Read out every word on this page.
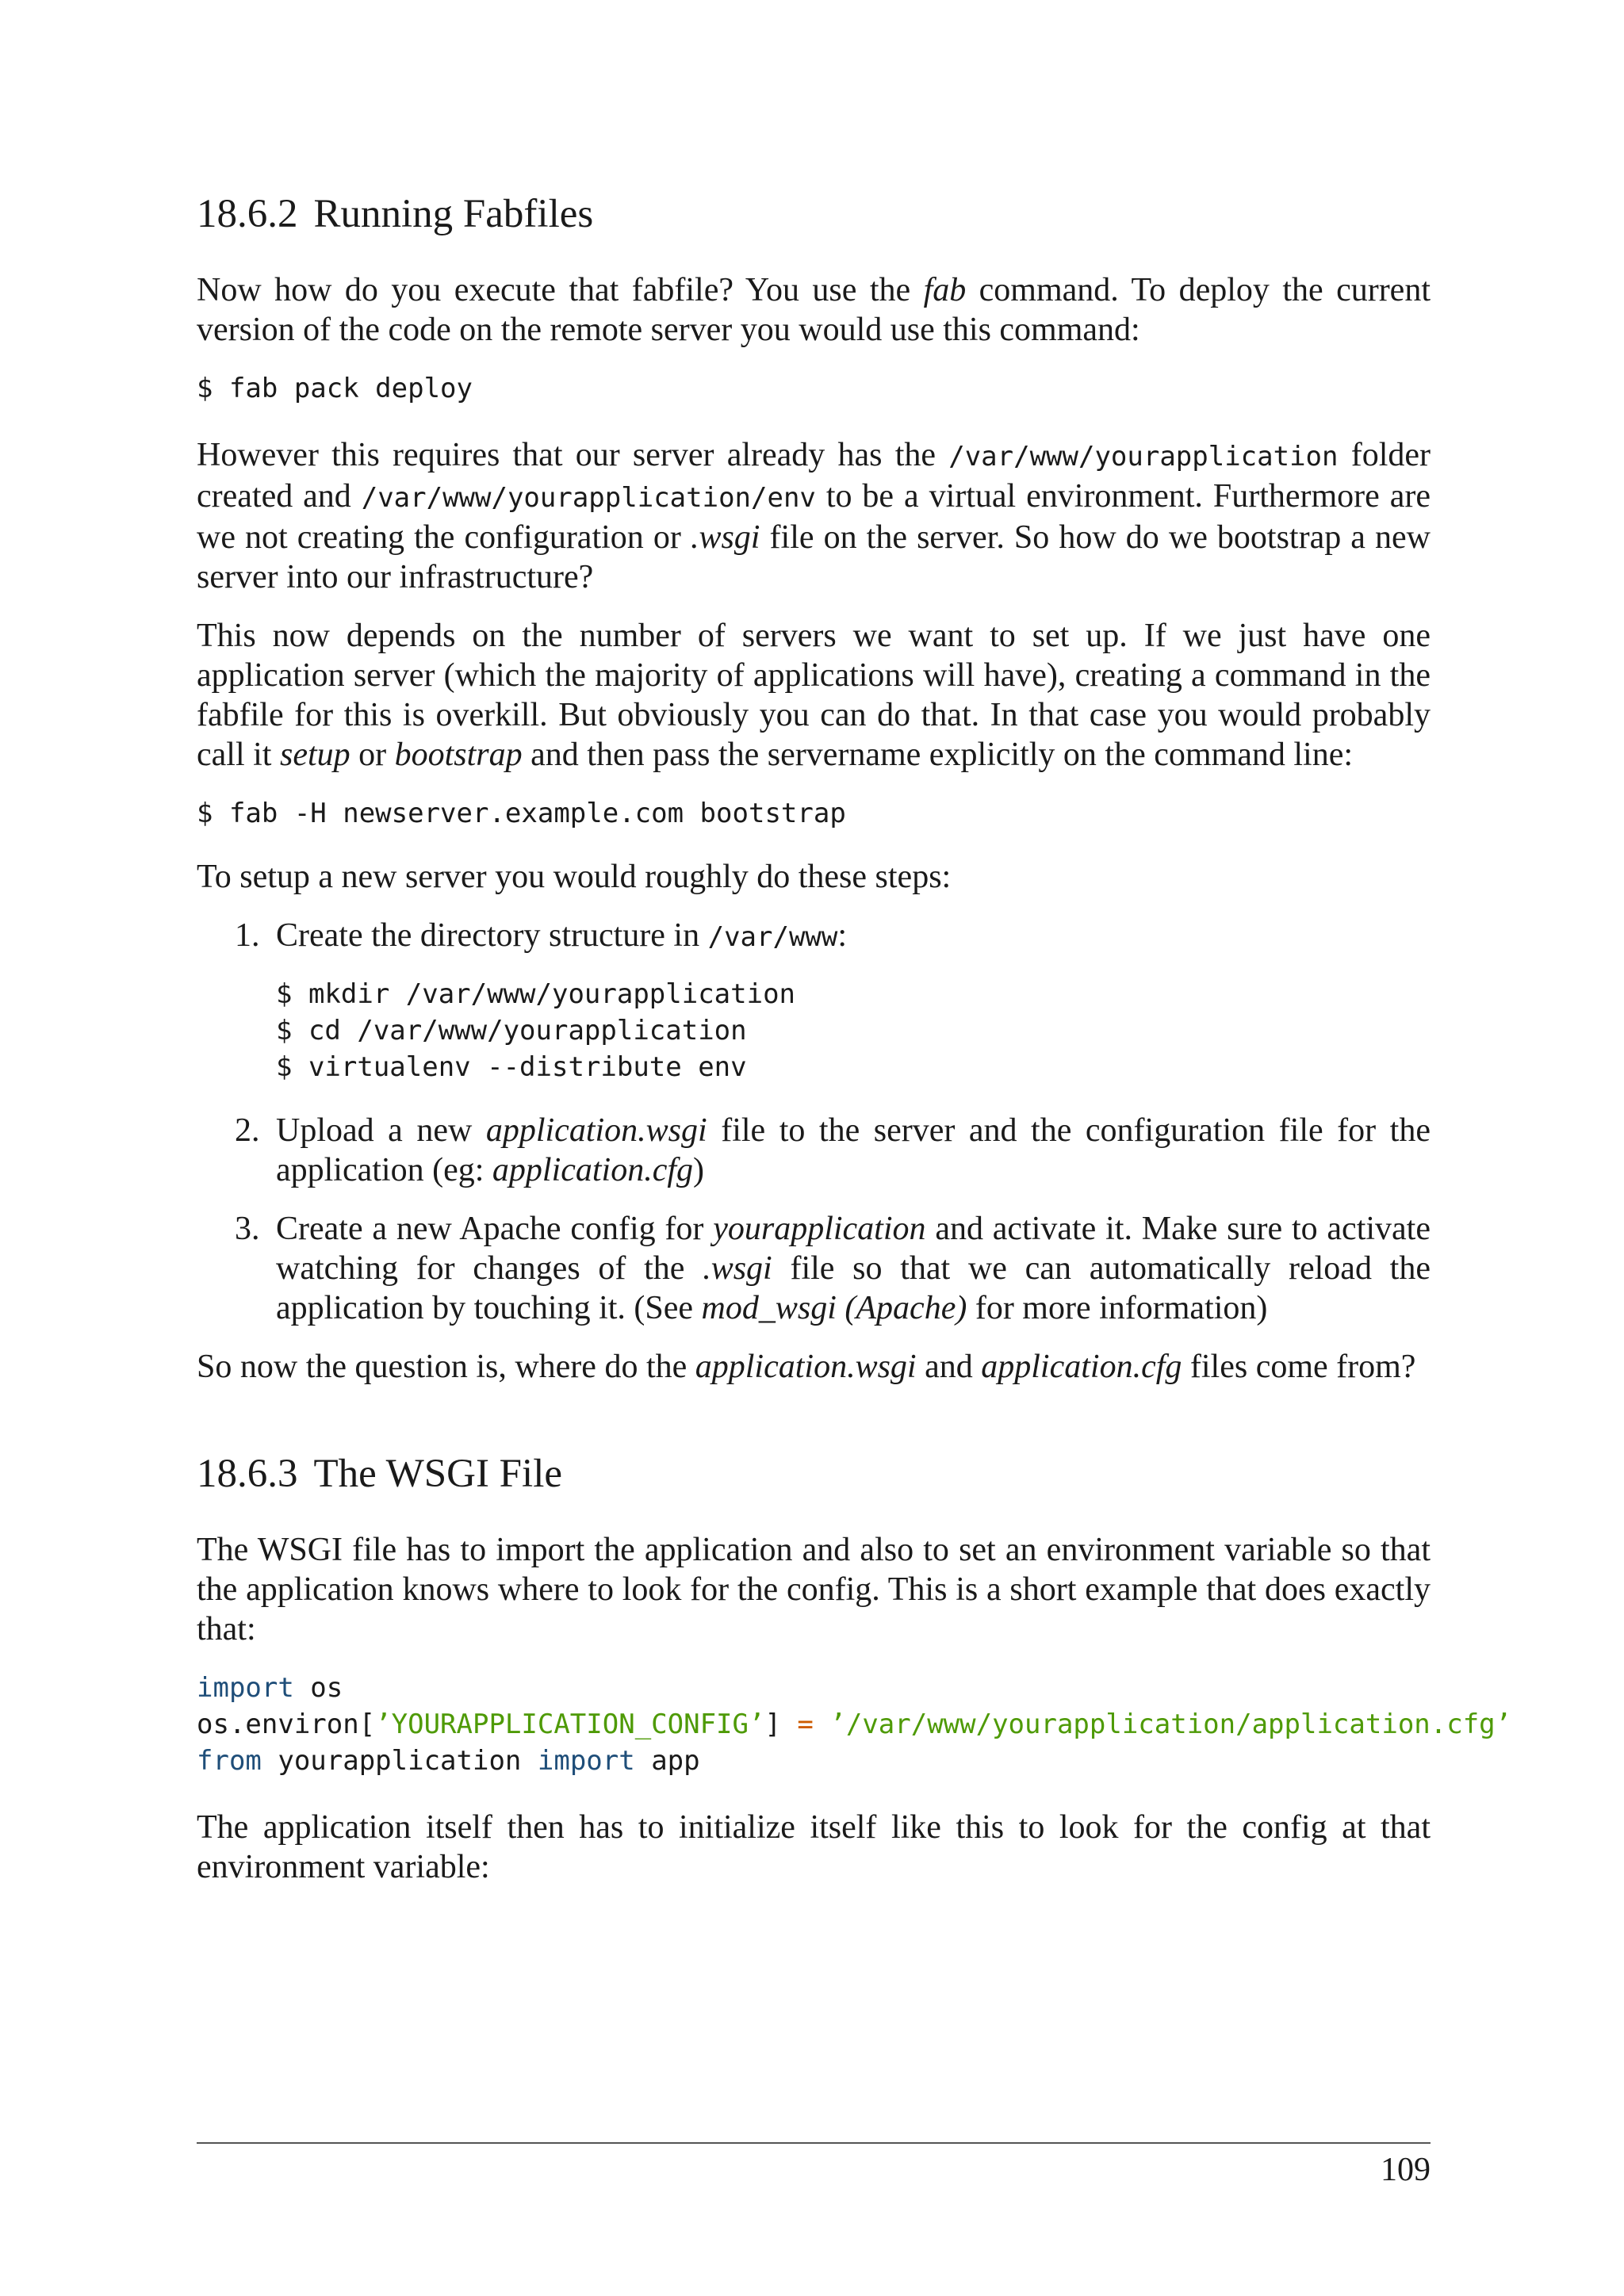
18.6.2 Running Fabfiles

Now how do you execute that fabfile? You use the fab command. To deploy the current version of the code on the remote server you would use this command:

$ fab pack deploy

However this requires that our server already has the /var/www/yourapplication folder created and /var/www/yourapplication/env to be a virtual environment. Furthermore are we not creating the configuration or .wsgi file on the server. So how do we bootstrap a new server into our infrastructure?

This now depends on the number of servers we want to set up. If we just have one application server (which the majority of applications will have), creating a command in the fabfile for this is overkill. But obviously you can do that. In that case you would probably call it setup or bootstrap and then pass the servername explicitly on the command line:

$ fab -H newserver.example.com bootstrap

To setup a new server you would roughly do these steps:

1. Create the directory structure in /var/www:

$ mkdir /var/www/yourapplication
$ cd /var/www/yourapplication
$ virtualenv --distribute env
2. Upload a new application.wsgi file to the server and the configuration file for the application (eg: application.cfg)

3. Create a new Apache config for yourapplication and activate it. Make sure to activate watching for changes of the .wsgi file so that we can automatically reload the application by touching it. (See mod_wsgi (Apache) for more information)

So now the question is, where do the application.wsgi and application.cfg files come from?

18.6.3 The WSGI File

The WSGI file has to import the application and also to set an environment variable so that the application knows where to look for the config. This is a short example that does exactly that:

import os
os.environ[’YOURAPPLICATION_CONFIG’] = ’/var/www/yourapplication/application.cfg’
from yourapplication import app

The application itself then has to initialize itself like this to look for the config at that environment variable:

109
